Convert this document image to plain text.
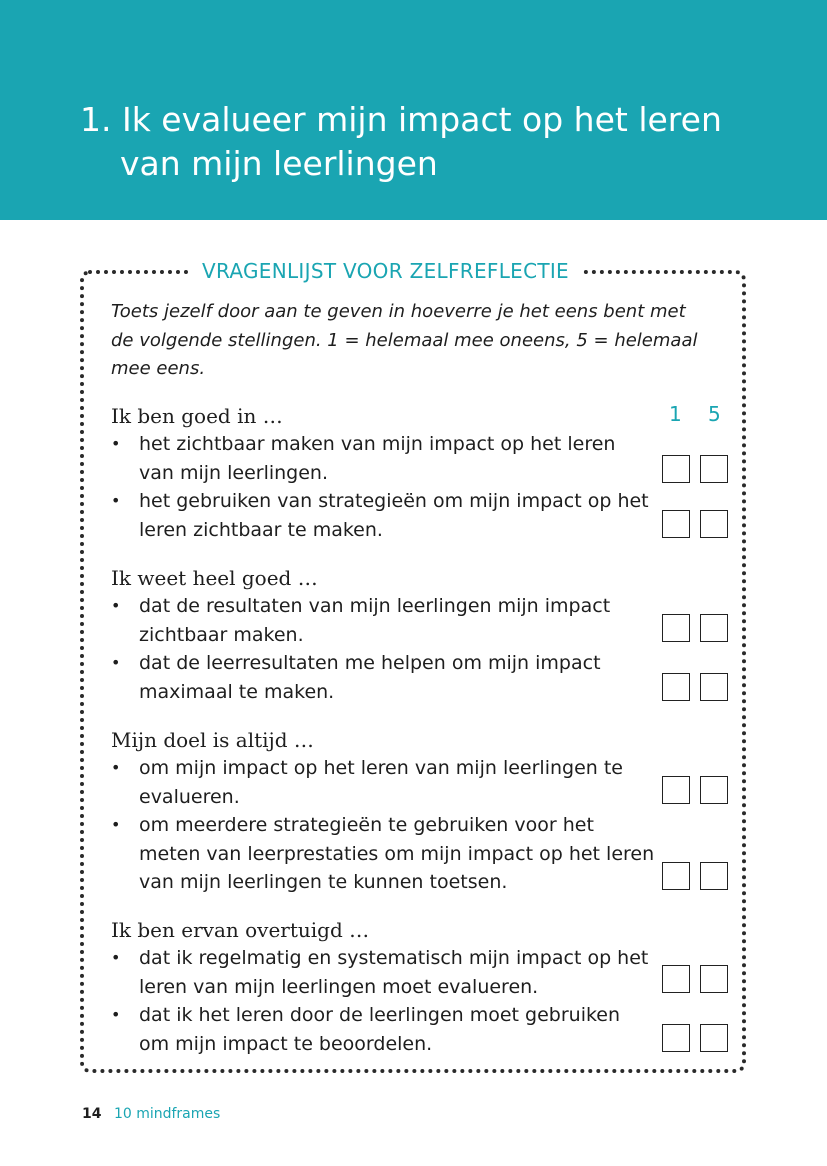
1. Ik evalueer mijn impact op het leren
van mijn leerlingen
VRAGENLIJST VOOR ZELFREFLECTIE
Toets jezelf door aan te geven in hoeverre je het eens bent met de volgende stellingen. 1 = helemaal mee oneens, 5 = helemaal mee eens.
1 5
Ik ben goed in …
• het zichtbaar maken van mijn impact op het leren van mijn leerlingen.
• het gebruiken van strategieën om mijn impact op het leren zichtbaar te maken.
Ik weet heel goed …
• dat de resultaten van mijn leerlingen mijn impact zichtbaar maken.
• dat de leerresultaten me helpen om mijn impact maximaal te maken.
Mijn doel is altijd …
• om mijn impact op het leren van mijn leerlingen te evalueren.
• om meerdere strategieën te gebruiken voor het meten van leerprestaties om mijn impact op het leren van mijn leerlingen te kunnen toetsen.
Ik ben ervan overtuigd …
• dat ik regelmatig en systematisch mijn impact op het leren van mijn leerlingen moet evalueren.
• dat ik het leren door de leerlingen moet gebruiken om mijn impact te beoordelen.
14 10 mindframes
